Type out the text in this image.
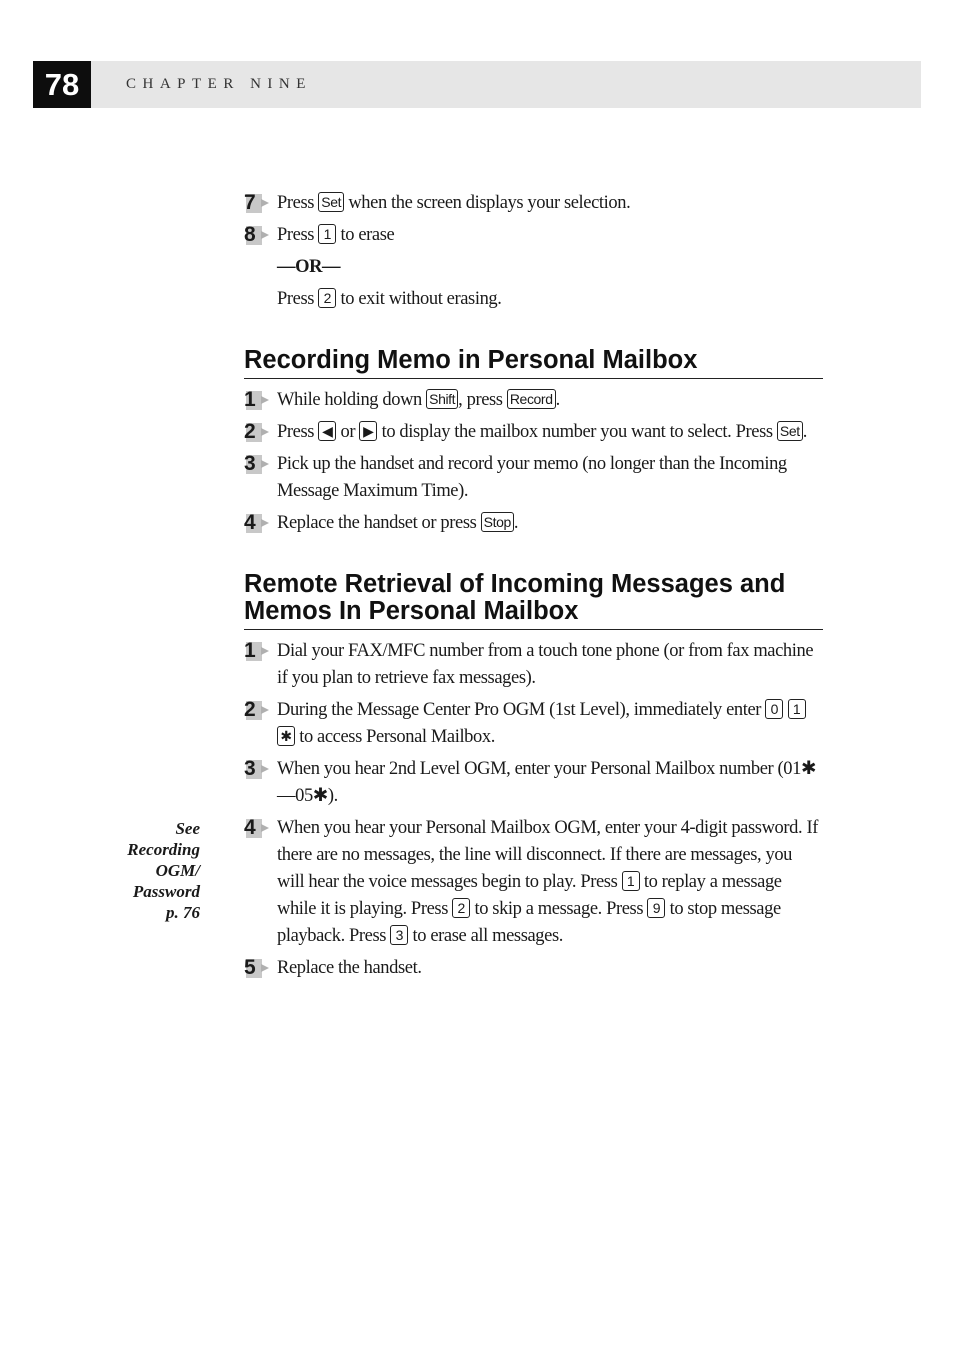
78	CHAPTER NINE
7	Press Set when the screen displays your selection.
8	Press 1 to erase
—OR—
Press 2 to exit without erasing.
Recording Memo in Personal Mailbox
1	While holding down Shift , press Record .
2	Press ◀ or ▶ to display the mailbox number you want to select. Press Set .
3	Pick up the handset and record your memo (no longer than the Incoming Message Maximum Time).
4	Replace the handset or press Stop .
Remote Retrieval of Incoming Messages and Memos In Personal Mailbox
1	Dial your FAX/MFC number from a touch tone phone (or from fax machine if you plan to retrieve fax messages).
2	During the Message Center Pro OGM (1st Level), immediately enter 0 1 ✱ to access Personal Mailbox.
3	When you hear 2nd Level OGM, enter your Personal Mailbox number (01✱—05✱).
4	When you hear your Personal Mailbox OGM, enter your 4-digit password. If there are no messages, the line will disconnect. If there are messages, you will hear the voice messages begin to play. Press 1 to replay a message while it is playing. Press 2 to skip a message. Press 9 to stop message playback. Press 3 to erase all messages.
5	Replace the handset.
See
Recording
OGM/
Password
p. 76
